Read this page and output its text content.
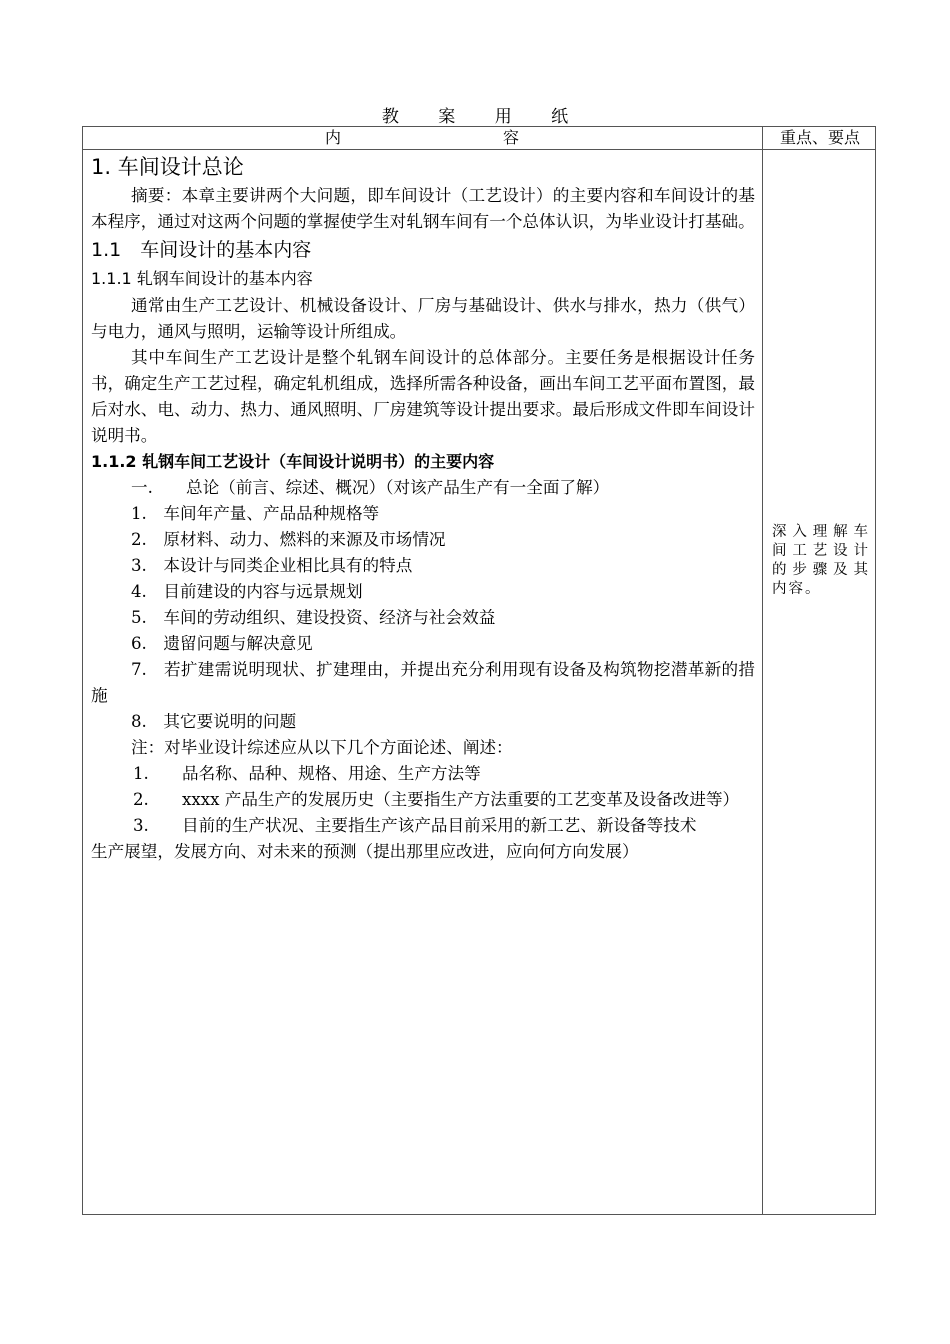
教 案 用 纸
内	容	重点、要点

1. 车间设计总论

摘要：本章主要讲两个大问题，即车间设计（工艺设计）的主要内容和车间设计的基本程序，通过对这两个问题的掌握使学生对轧钢车间有一个总体认识，为毕业设计打基础。

1.1　车间设计的基本内容

1.1.1 轧钢车间设计的基本内容

通常由生产工艺设计、机械设备设计、厂房与基础设计、供水与排水，热力（供气）与电力，通风与照明，运输等设计所组成。

其中车间生产工艺设计是整个轧钢车间设计的总体部分。主要任务是根据设计任务书，确定生产工艺过程，确定轧机组成，选择所需各种设备，画出车间工艺平面布置图，最后对水、电、动力、热力、通风照明、厂房建筑等设计提出要求。最后形成文件即车间设计说明书。

1.1.2 轧钢车间工艺设计（车间设计说明书）的主要内容

一.　　总论（前言、综述、概况）（对该产品生产有一全面了解）

1.　车间年产量、产品品种规格等

2.　原材料、动力、燃料的来源及市场情况

3.　本设计与同类企业相比具有的特点

4.　目前建设的内容与远景规划

5.　车间的劳动组织、建设投资、经济与社会效益

6.　遗留问题与解决意见

7.　若扩建需说明现状、扩建理由，并提出充分利用现有设备及构筑物挖潜革新的措施

8.　其它要说明的问题

注：对毕业设计综述应从以下几个方面论述、阐述：

1.　　品名称、品种、规格、用途、生产方法等

2.　　xxxx 产品生产的发展历史（主要指生产方法重要的工艺变革及设备改进等）

3.　　目前的生产状况、主要指生产该产品目前采用的新工艺、新设备等技术

生产展望，发展方向、对未来的预测（提出那里应改进，应向何方向发展）

深入理解车间工艺设计的步骤及其内容。
